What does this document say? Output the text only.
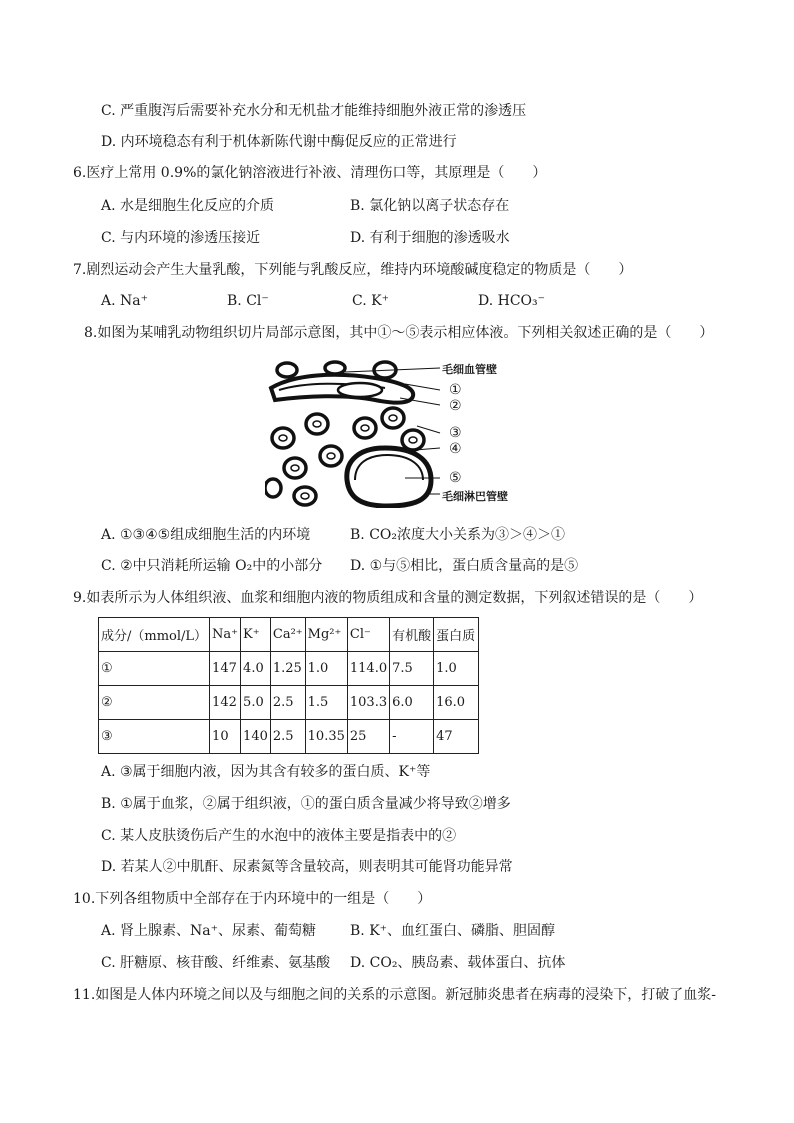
C. 严重腹泻后需要补充水分和无机盐才能维持细胞外液正常的渗透压
D. 内环境稳态有利于机体新陈代谢中酶促反应的正常进行
6.医疗上常用 0.9%的氯化钠溶液进行补液、清理伤口等，其原理是（　　）
A. 水是细胞生化反应的介质	B. 氯化钠以离子状态存在
C. 与内环境的渗透压接近	D. 有利于细胞的渗透吸水
7.剧烈运动会产生大量乳酸，下列能与乳酸反应，维持内环境酸碱度稳定的物质是（　　）
A. Na⁺	B. Cl⁻	C. K⁺	D. HCO₃⁻
8.如图为某哺乳动物组织切片局部示意图，其中①～⑤表示相应体液。下列相关叙述正确的是（　　）
毛细血管壁
①
②
③
④
⑤
毛细淋巴管壁
A. ①③④⑤组成细胞生活的内环境	B. CO₂浓度大小关系为③＞④＞①
C. ②中只消耗所运输 O₂中的小部分 D. ①与⑤相比，蛋白质含量高的是⑤
9.如表所示为人体组织液、血浆和细胞内液的物质组成和含量的测定数据，下列叙述错误的是（　　）
成分/（mmol/L）	Na⁺	K⁺	Ca²⁺	Mg²⁺	Cl⁻	有机酸	蛋白质
①	147	4.0	1.25	1.0	114.0	7.5	1.0
②	142	5.0	2.5	1.5	103.3	6.0	16.0
③	10	140	2.5	10.35	25	-	47
A. ③属于细胞内液，因为其含有较多的蛋白质、K⁺等
B. ①属于血浆，②属于组织液，①的蛋白质含量减少将导致②增多
C. 某人皮肤烫伤后产生的水泡中的液体主要是指表中的②
D. 若某人②中肌酐、尿素氮等含量较高，则表明其可能肾功能异常
10.下列各组物质中全部存在于内环境中的一组是（　　）
A. 肾上腺素、Na⁺、尿素、葡萄糖 B. K⁺、血红蛋白、磷脂、胆固醇
C. 肝糖原、核苷酸、纤维素、氨基酸 D. CO₂、胰岛素、载体蛋白、抗体
11.如图是人体内环境之间以及与细胞之间的关系的示意图。新冠肺炎患者在病毒的浸染下，打破了血浆-
